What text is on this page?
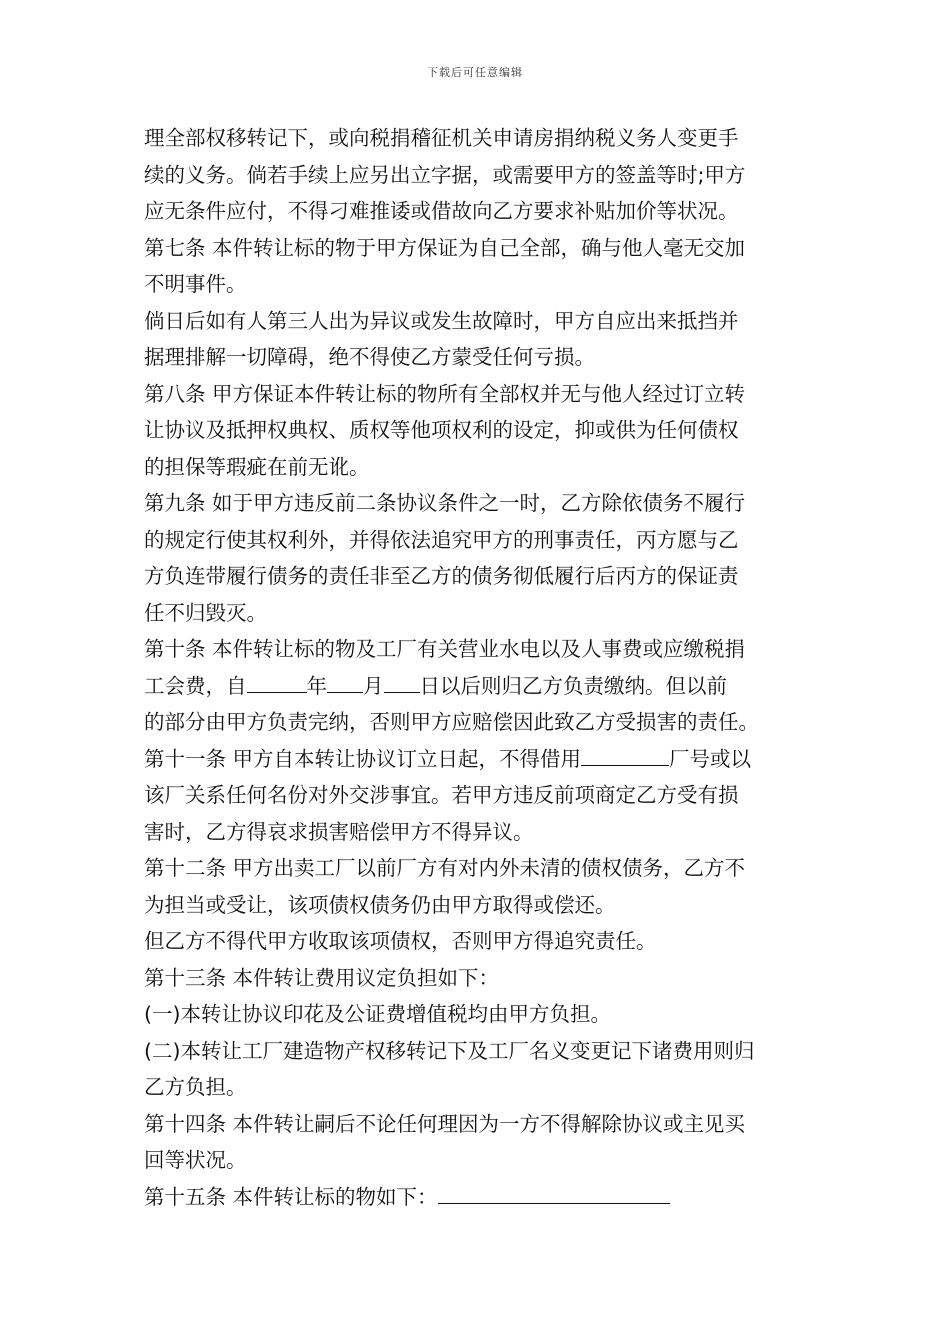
下载后可任意编辑
理全部权移转记下，或向税捐稽征机关申请房捐纳税义务人变更手
续的义务。倘若手续上应另出立字据，或需要甲方的签盖等时;甲方
应无条件应付，不得刁难推诿或借故向乙方要求补贴加价等状况。
第七条 本件转让标的物于甲方保证为自己全部，确与他人毫无交加
不明事件。
倘日后如有人第三人出为异议或发生故障时，甲方自应出来抵挡并
据理排解一切障碍，绝不得使乙方蒙受任何亏损。
第八条 甲方保证本件转让标的物所有全部权并无与他人经过订立转
让协议及抵押权典权、质权等他项权利的设定，抑或供为任何债权
的担保等瑕疵在前无讹。
第九条 如于甲方违反前二条协议条件之一时，乙方除依债务不履行
的规定行使其权利外，并得依法追究甲方的刑事责任，丙方愿与乙
方负连带履行债务的责任非至乙方的债务彻低履行后丙方的保证责
任不归毁灭。
第十条 本件转让标的物及工厂有关营业水电以及人事费或应缴税捐
工会费，自	年 月 日以后则归乙方负责缴纳。但以前
的部分由甲方负责完纳，否则甲方应赔偿因此致乙方受损害的责任。
第十一条 甲方自本转让协议订立日起，不得借用	厂号或以
该厂关系任何名份对外交涉事宜。若甲方违反前项商定乙方受有损
害时，乙方得哀求损害赔偿甲方不得异议。
第十二条 甲方出卖工厂以前厂方有对内外未清的债权债务，乙方不
为担当或受让，该项债权债务仍由甲方取得或偿还。
但乙方不得代甲方收取该项债权，否则甲方得追究责任。
第十三条 本件转让费用议定负担如下：
(一)本转让协议印花及公证费增值税均由甲方负担。
(二)本转让工厂建造物产权移转记下及工厂名义变更记下诸费用则归
乙方负担。
第十四条 本件转让嗣后不论任何理因为一方不得解除协议或主见买
回等状况。
第十五条 本件转让标的物如下：
